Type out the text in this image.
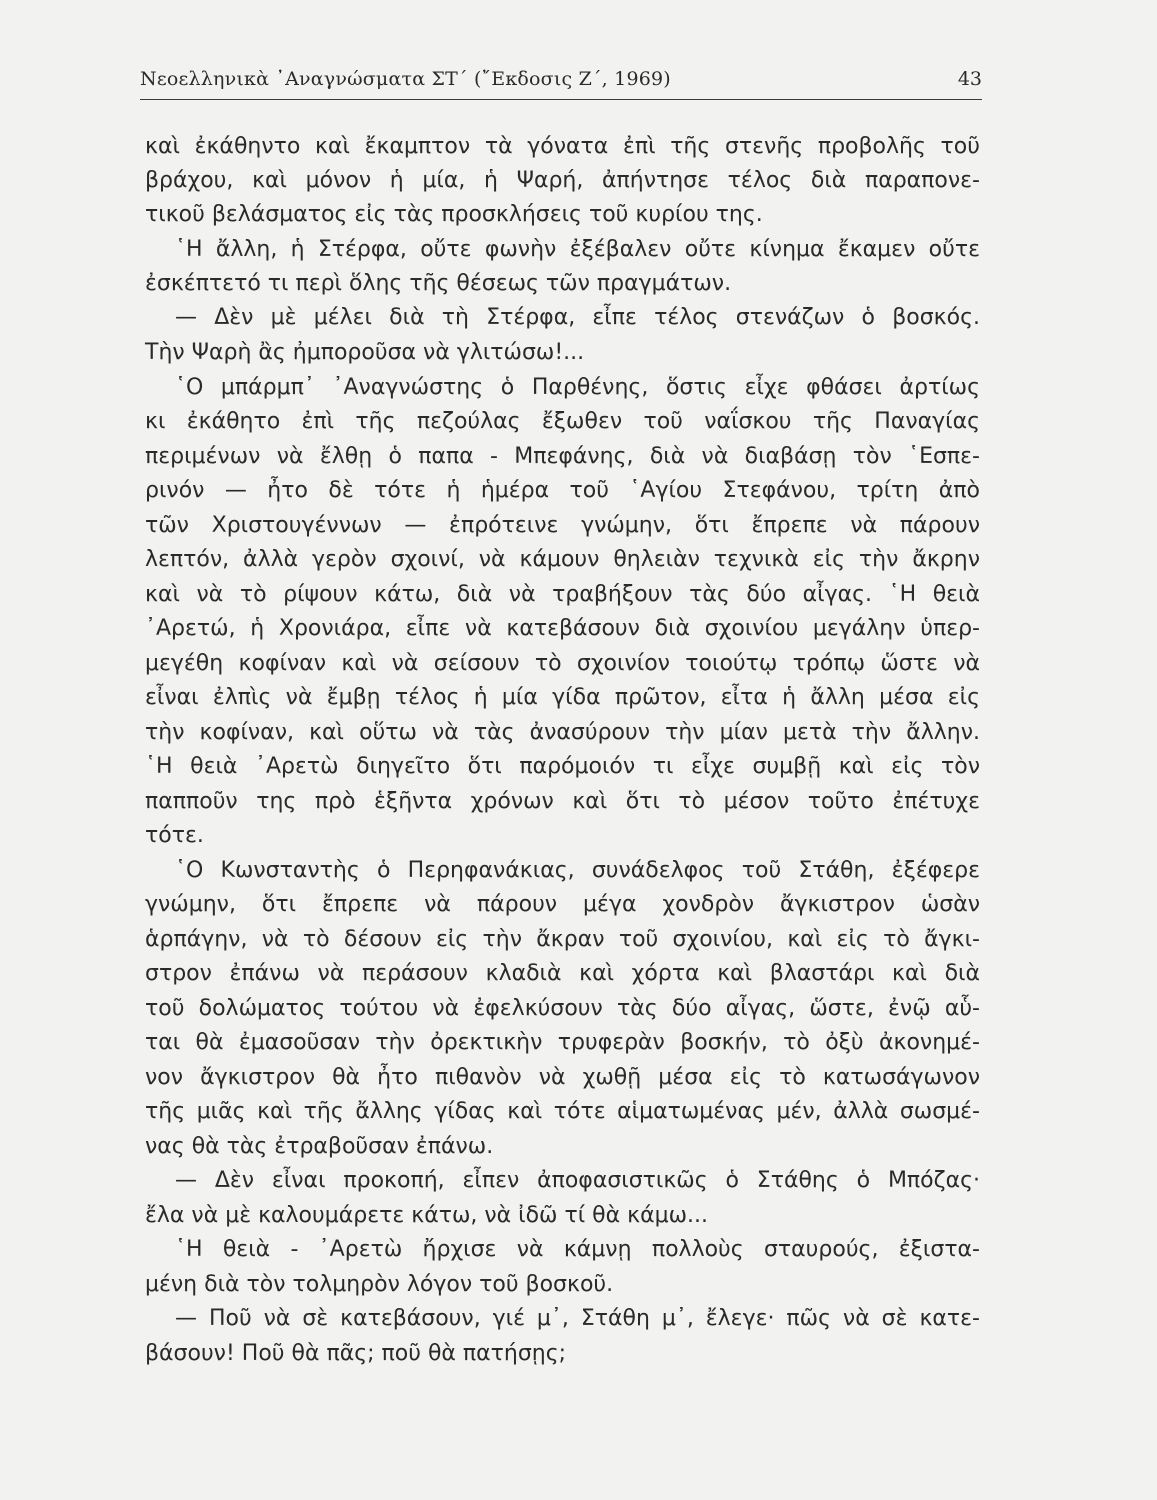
Νεοελληνικὰ ᾿Αναγνώσματα ΣΤ΄ (῎Εκδοσις Ζ΄, 1969)	43
καὶ ἐκάθηντο καὶ ἔκαμπτον τὰ γόνατα ἐπὶ τῆς στενῆς προβολῆς τοῦ
βράχου, καὶ μόνον ἡ μία, ἡ Ψαρή, ἀπήντησε τέλος διὰ παραπονε-
τικοῦ βελάσματος εἰς τὰς προσκλήσεις τοῦ κυρίου της.
῾Η ἄλλη, ἡ Στέρφα, οὔτε φωνὴν ἐξέβαλεν οὔτε κίνημα ἔκαμεν οὔτε
ἐσκέπτετό τι περὶ ὅλης τῆς θέσεως τῶν πραγμάτων.
— Δὲν μὲ μέλει διὰ τὴ Στέρφα, εἶπε τέλος στενάζων ὁ βοσκός.
Τὴν Ψαρὴ ἂς ἠμποροῦσα νὰ γλιτώσω!...
῾Ο μπάρμπ᾿ ᾿Αναγνώστης ὁ Παρθένης, ὅστις εἶχε φθάσει ἀρτίως
κι ἐκάθητο ἐπὶ τῆς πεζούλας ἔξωθεν τοῦ ναΐσκου τῆς Παναγίας
περιμένων νὰ ἔλθῃ ὁ παπα - Μπεφάνης, διὰ νὰ διαβάσῃ τὸν ῾Εσπε-
ρινόν — ἦτο δὲ τότε ἡ ἡμέρα τοῦ ῾Αγίου Στεφάνου, τρίτη ἀπὸ
τῶν Χριστουγέννων — ἐπρότεινε γνώμην, ὅτι ἔπρεπε νὰ πάρουν
λεπτόν, ἀλλὰ γερὸν σχοινί, νὰ κάμουν θηλειὰν τεχνικὰ εἰς τὴν ἄκρην
καὶ νὰ τὸ ρίψουν κάτω, διὰ νὰ τραβήξουν τὰς δύο αἶγας. ῾Η θειὰ
᾿Αρετώ, ἡ Χρονιάρα, εἶπε νὰ κατεβάσουν διὰ σχοινίου μεγάλην ὑπερ-
μεγέθη κοφίναν καὶ νὰ σείσουν τὸ σχοινίον τοιούτῳ τρόπῳ ὥστε νὰ
εἶναι ἐλπὶς νὰ ἔμβῃ τέλος ἡ μία γίδα πρῶτον, εἶτα ἡ ἄλλη μέσα εἰς
τὴν κοφίναν, καὶ οὕτω νὰ τὰς ἀνασύρουν τὴν μίαν μετὰ τὴν ἄλλην.
῾Η θειὰ ᾿Αρετὼ διηγεῖτο ὅτι παρόμοιόν τι εἶχε συμβῇ καὶ εἰς τὸν
παπποῦν της πρὸ ἑξῆντα χρόνων καὶ ὅτι τὸ μέσον τοῦτο ἐπέτυχε
τότε.
῾Ο Κωνσταντὴς ὁ Περηφανάκιας, συνάδελφος τοῦ Στάθη, ἐξέφερε
γνώμην, ὅτι ἔπρεπε νὰ πάρουν μέγα χονδρὸν ἄγκιστρον ὡσὰν
ἁρπάγην, νὰ τὸ δέσουν εἰς τὴν ἄκραν τοῦ σχοινίου, καὶ εἰς τὸ ἄγκι-
στρον ἐπάνω νὰ περάσουν κλαδιὰ καὶ χόρτα καὶ βλαστάρι καὶ διὰ
τοῦ δολώματος τούτου νὰ ἐφελκύσουν τὰς δύο αἶγας, ὥστε, ἐνῷ αὗ-
ται θὰ ἐμασοῦσαν τὴν ὀρεκτικὴν τρυφερὰν βοσκήν, τὸ ὀξὺ ἀκονημέ-
νον ἄγκιστρον θὰ ἦτο πιθανὸν νὰ χωθῇ μέσα εἰς τὸ κατωσάγωνον
τῆς μιᾶς καὶ τῆς ἄλλης γίδας καὶ τότε αἱματωμένας μέν, ἀλλὰ σωσμέ-
νας θὰ τὰς ἐτραβοῦσαν ἐπάνω.
— Δὲν εἶναι προκοπή, εἶπεν ἀποφασιστικῶς ὁ Στάθης ὁ Μπόζας·
ἔλα νὰ μὲ καλουμάρετε κάτω, νὰ ἰδῶ τί θὰ κάμω...
῾Η θειὰ - ᾿Αρετὼ ἤρχισε νὰ κάμνῃ πολλοὺς σταυρούς, ἐξιστα-
μένη διὰ τὸν τολμηρὸν λόγον τοῦ βοσκοῦ.
— Ποῦ νὰ σὲ κατεβάσουν, γιέ μ᾿, Στάθη μ᾿, ἔλεγε· πῶς νὰ σὲ κατε-
βάσουν! Ποῦ θὰ πᾶς; ποῦ θὰ πατήσῃς;
